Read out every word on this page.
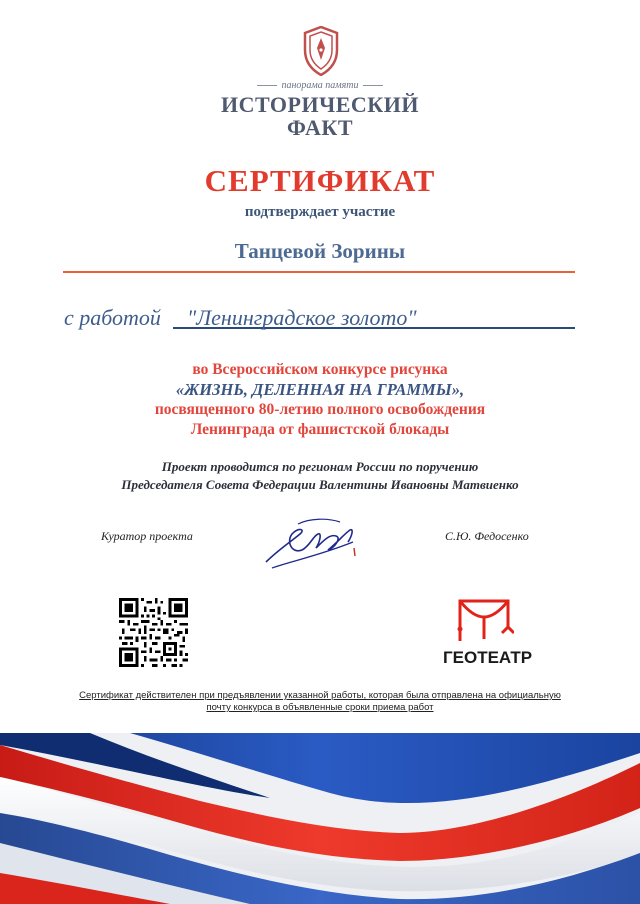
панорама памяти
ИСТОРИЧЕСКИЙ
ФАКТ
СЕРТИФИКАТ
подтверждает участие
Танцевой Зорины
с работой	"Ленинградское золото"
во Всероссийском конкурсе рисунка
«ЖИЗНЬ, ДЕЛЕННАЯ НА ГРАММЫ»,
посвященного 80-летию полного освобождения
Ленинграда от фашистской блокады
Проект проводится по регионам России по поручению
Председателя Совета Федерации Валентины Ивановны Матвиенко
Куратор проекта	С.Ю. Федосенко
ГЕОТЕАТР
Сертификат действителен при предъявлении указанной работы, которая была отправлена на официальную
почту конкурса в объявленные сроки приема работ
